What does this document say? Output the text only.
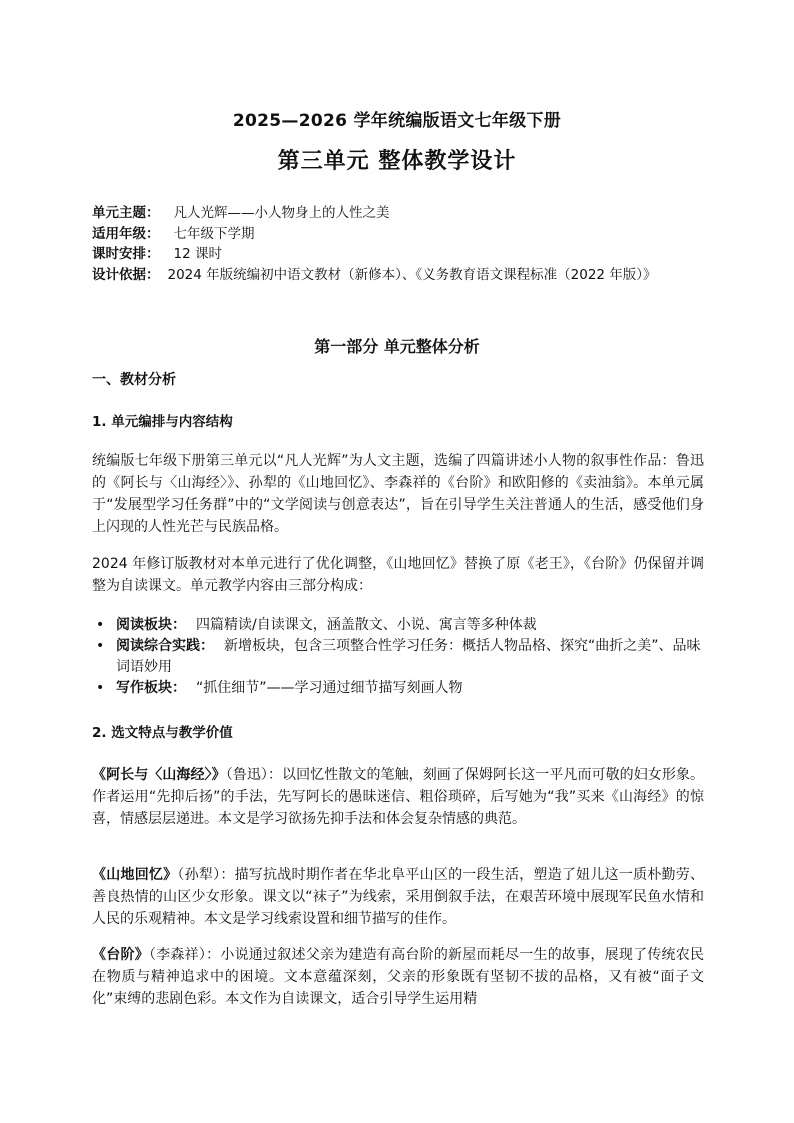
2025—2026 学年统编版语文七年级下册
第三单元 整体教学设计
单元主题： 凡人光辉——小人物身上的人性之美
适用年级： 七年级下学期
课时安排： 12 课时
设计依据： 2024 年版统编初中语文教材（新修本）、《义务教育语文课程标准（2022 年版）》
第一部分 单元整体分析
一、教材分析
1. 单元编排与内容结构
统编版七年级下册第三单元以“凡人光辉”为人文主题，选编了四篇讲述小人物的叙事性作品：鲁迅的《阿长与〈山海经〉》、孙犁的《山地回忆》、李森祥的《台阶》和欧阳修的《卖油翁》。本单元属于“发展型学习任务群”中的“文学阅读与创意表达”，旨在引导学生关注普通人的生活，感受他们身上闪现的人性光芒与民族品格。
2024 年修订版教材对本单元进行了优化调整，《山地回忆》替换了原《老王》，《台阶》仍保留并调整为自读课文。单元教学内容由三部分构成：
• 阅读板块： 四篇精读/自读课文，涵盖散文、小说、寓言等多种体裁
• 阅读综合实践： 新增板块，包含三项整合性学习任务：概括人物品格、探究“曲折之美”、品味词语妙用
• 写作板块： “抓住细节”——学习通过细节描写刻画人物
2. 选文特点与教学价值
《阿长与〈山海经〉》（鲁迅）：以回忆性散文的笔触，刻画了保姆阿长这一平凡而可敬的妇女形象。作者运用“先抑后扬”的手法，先写阿长的愚昧迷信、粗俗琐碎，后写她为“我”买来《山海经》的惊喜，情感层层递进。本文是学习欲扬先抑手法和体会复杂情感的典范。
《山地回忆》（孙犁）：描写抗战时期作者在华北阜平山区的一段生活，塑造了妞儿这一质朴勤劳、善良热情的山区少女形象。课文以“袜子”为线索，采用倒叙手法，在艰苦环境中展现军民鱼水情和人民的乐观精神。本文是学习线索设置和细节描写的佳作。
《台阶》（李森祥）：小说通过叙述父亲为建造有高台阶的新屋而耗尽一生的故事，展现了传统农民在物质与精神追求中的困境。文本意蕴深刻，父亲的形象既有坚韧不拔的品格，又有被“面子文化”束缚的悲剧色彩。本文作为自读课文，适合引导学生运用精
